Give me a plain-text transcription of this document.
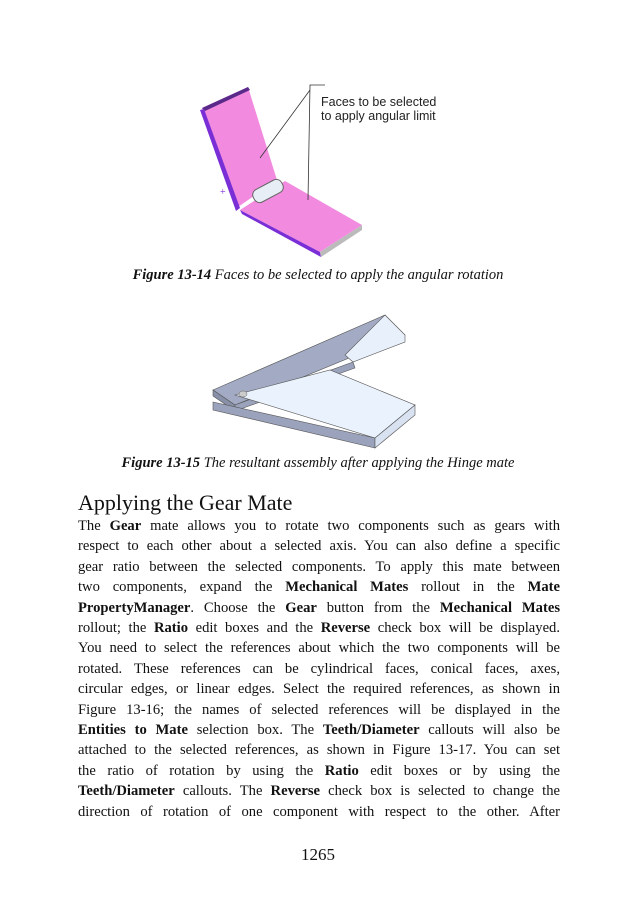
+
Faces to be selected
to apply angular limit
Figure 13-14 Faces to be selected to apply the angular rotation
Figure 13-15 The resultant assembly after applying the Hinge mate
Applying the Gear Mate
The Gear mate allows you to rotate two components such as gears with
respect to each other about a selected axis. You can also define a specific
gear ratio between the selected components. To apply this mate between
two components, expand the Mechanical Mates rollout in the Mate
PropertyManager. Choose the Gear button from the Mechanical Mates
rollout; the Ratio edit boxes and the Reverse check box will be displayed.
You need to select the references about which the two components will be
rotated. These references can be cylindrical faces, conical faces, axes,
circular edges, or linear edges. Select the required references, as shown in
Figure 13-16; the names of selected references will be displayed in the
Entities to Mate selection box. The Teeth/Diameter callouts will also be
attached to the selected references, as shown in Figure 13-17. You can set
the ratio of rotation by using the Ratio edit boxes or by using the
Teeth/Diameter callouts. The Reverse check box is selected to change the
direction of rotation of one component with respect to the other. After
1265
